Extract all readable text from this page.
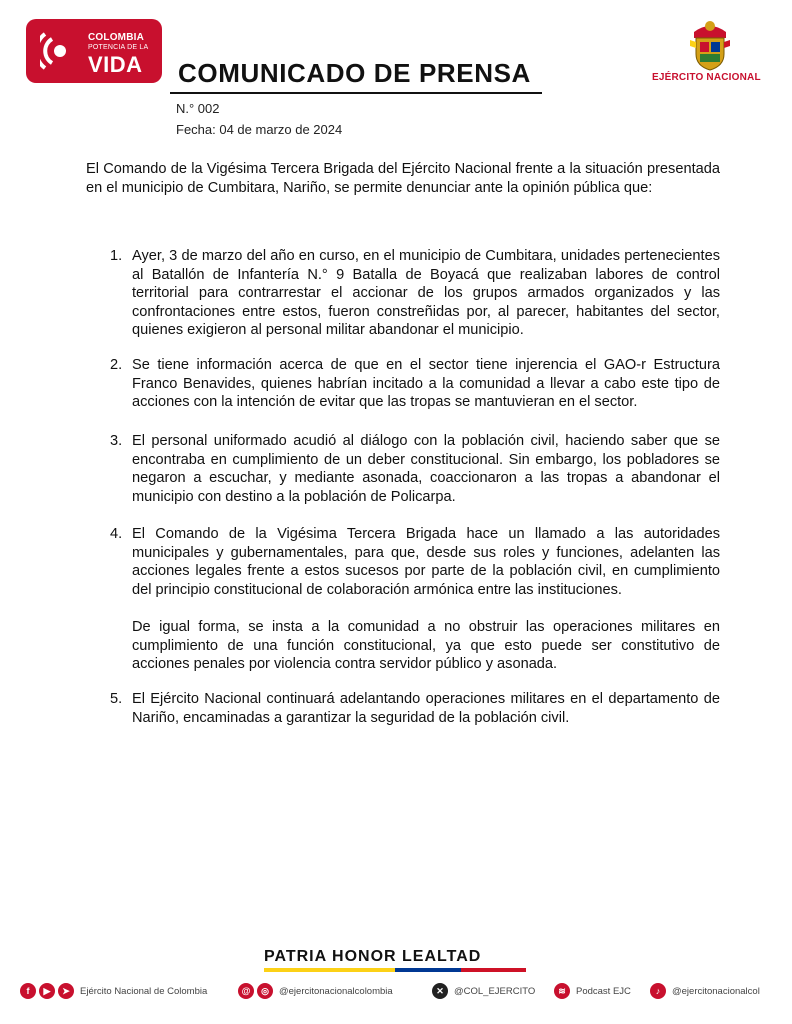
COLOMBIA
POTENCIA DE LA
VIDA COMUNICADO DE PRENSA	EJÉRCITO NACIONAL
N.° 002
Fecha: 04 de marzo de 2024
El Comando de la Vigésima Tercera Brigada del Ejército Nacional frente a la situación presentada en el municipio de Cumbitara, Nariño, se permite denunciar ante la opinión pública que:
1. Ayer, 3 de marzo del año en curso, en el municipio de Cumbitara, unidades pertenecientes al Batallón de Infantería N.° 9 Batalla de Boyacá que realizaban labores de control territorial para contrarrestar el accionar de los grupos armados organizados y las confrontaciones entre estos, fueron constreñidas por, al parecer, habitantes del sector, quienes exigieron al personal militar abandonar el municipio.
2. Se tiene información acerca de que en el sector tiene injerencia el GAO-r Estructura Franco Benavides, quienes habrían incitado a la comunidad a llevar a cabo este tipo de acciones con la intención de evitar que las tropas se mantuvieran en el sector.
3. El personal uniformado acudió al diálogo con la población civil, haciendo saber que se encontraba en cumplimiento de un deber constitucional. Sin embargo, los pobladores se negaron a escuchar, y mediante asonada, coaccionaron a las tropas a abandonar el municipio con destino a la población de Policarpa.
4. El Comando de la Vigésima Tercera Brigada hace un llamado a las autoridades municipales y gubernamentales, para que, desde sus roles y funciones, adelanten las acciones legales frente a estos sucesos por parte de la población civil, en cumplimiento del principio constitucional de colaboración armónica entre las instituciones.
De igual forma, se insta a la comunidad a no obstruir las operaciones militares en cumplimiento de una función constitucional, ya que esto puede ser constitutivo de acciones penales por violencia contra servidor público y asonada.
5. El Ejército Nacional continuará adelantando operaciones militares en el departamento de Nariño, encaminadas a garantizar la seguridad de la población civil.
PATRIA HONOR LEALTAD
f	▶	➤	Ejército Nacional de Colombia	@	◎	@ejercitonacionalcolombia	✕	@COL_EJERCITO	≋	Podcast EJC	♪	@ejercitonacionalcol
